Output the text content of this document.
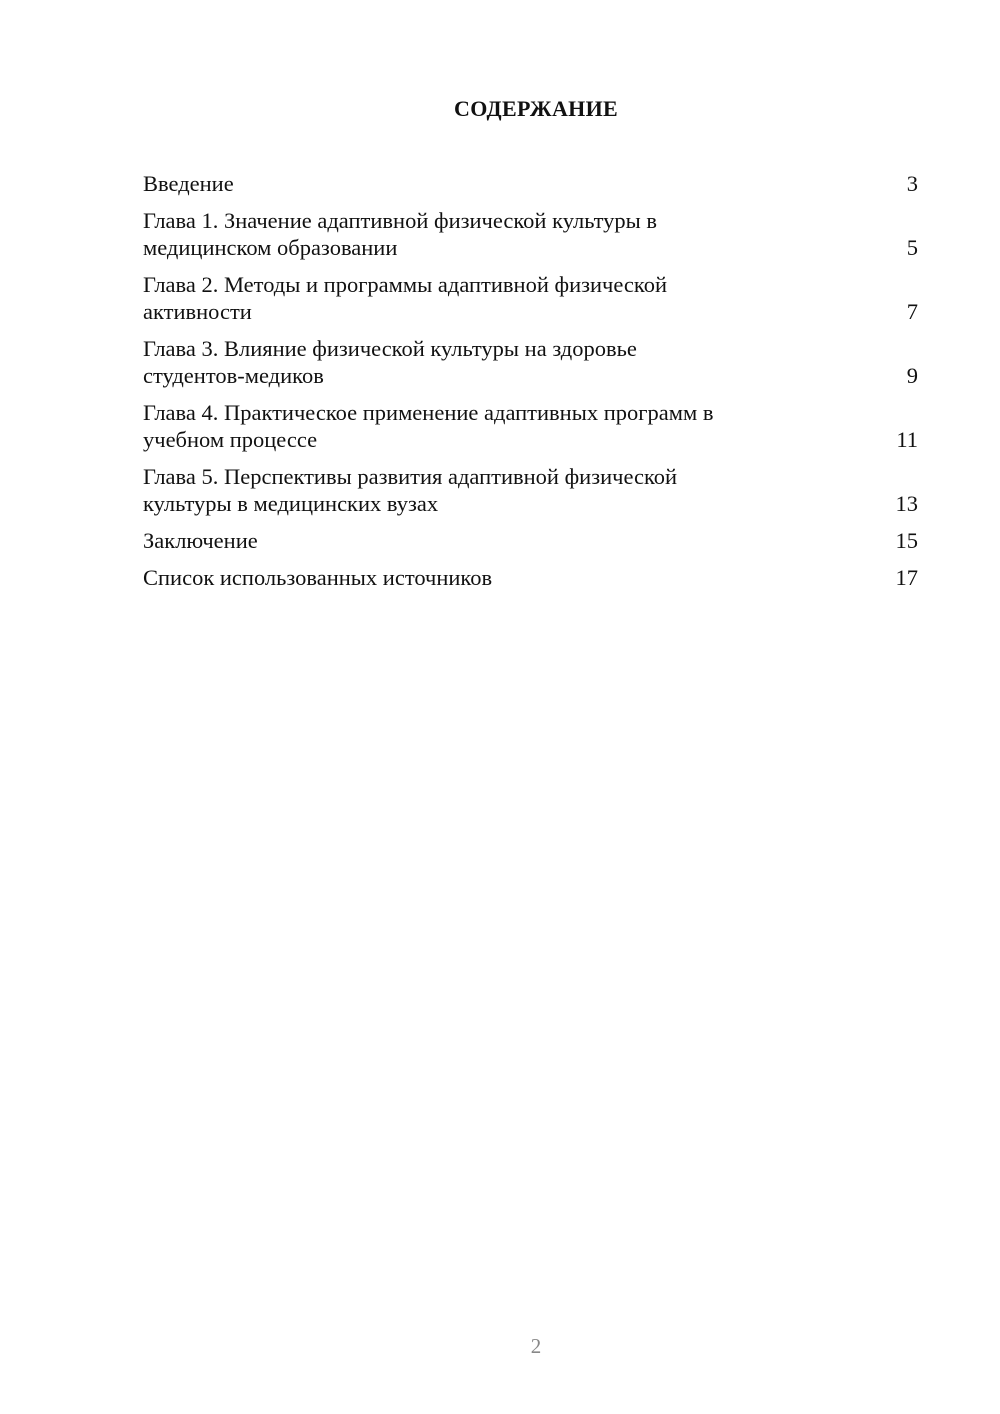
СОДЕРЖАНИЕ
Введение	3
Глава 1. Значение адаптивной физической культуры в
медицинском образовании	5
Глава 2. Методы и программы адаптивной физической
активности	7
Глава 3. Влияние физической культуры на здоровье
студентов-медиков	9
Глава 4. Практическое применение адаптивных программ в
учебном процессе	11
Глава 5. Перспективы развития адаптивной физической
культуры в медицинских вузах	13
Заключение	15
Список использованных источников	17
2
